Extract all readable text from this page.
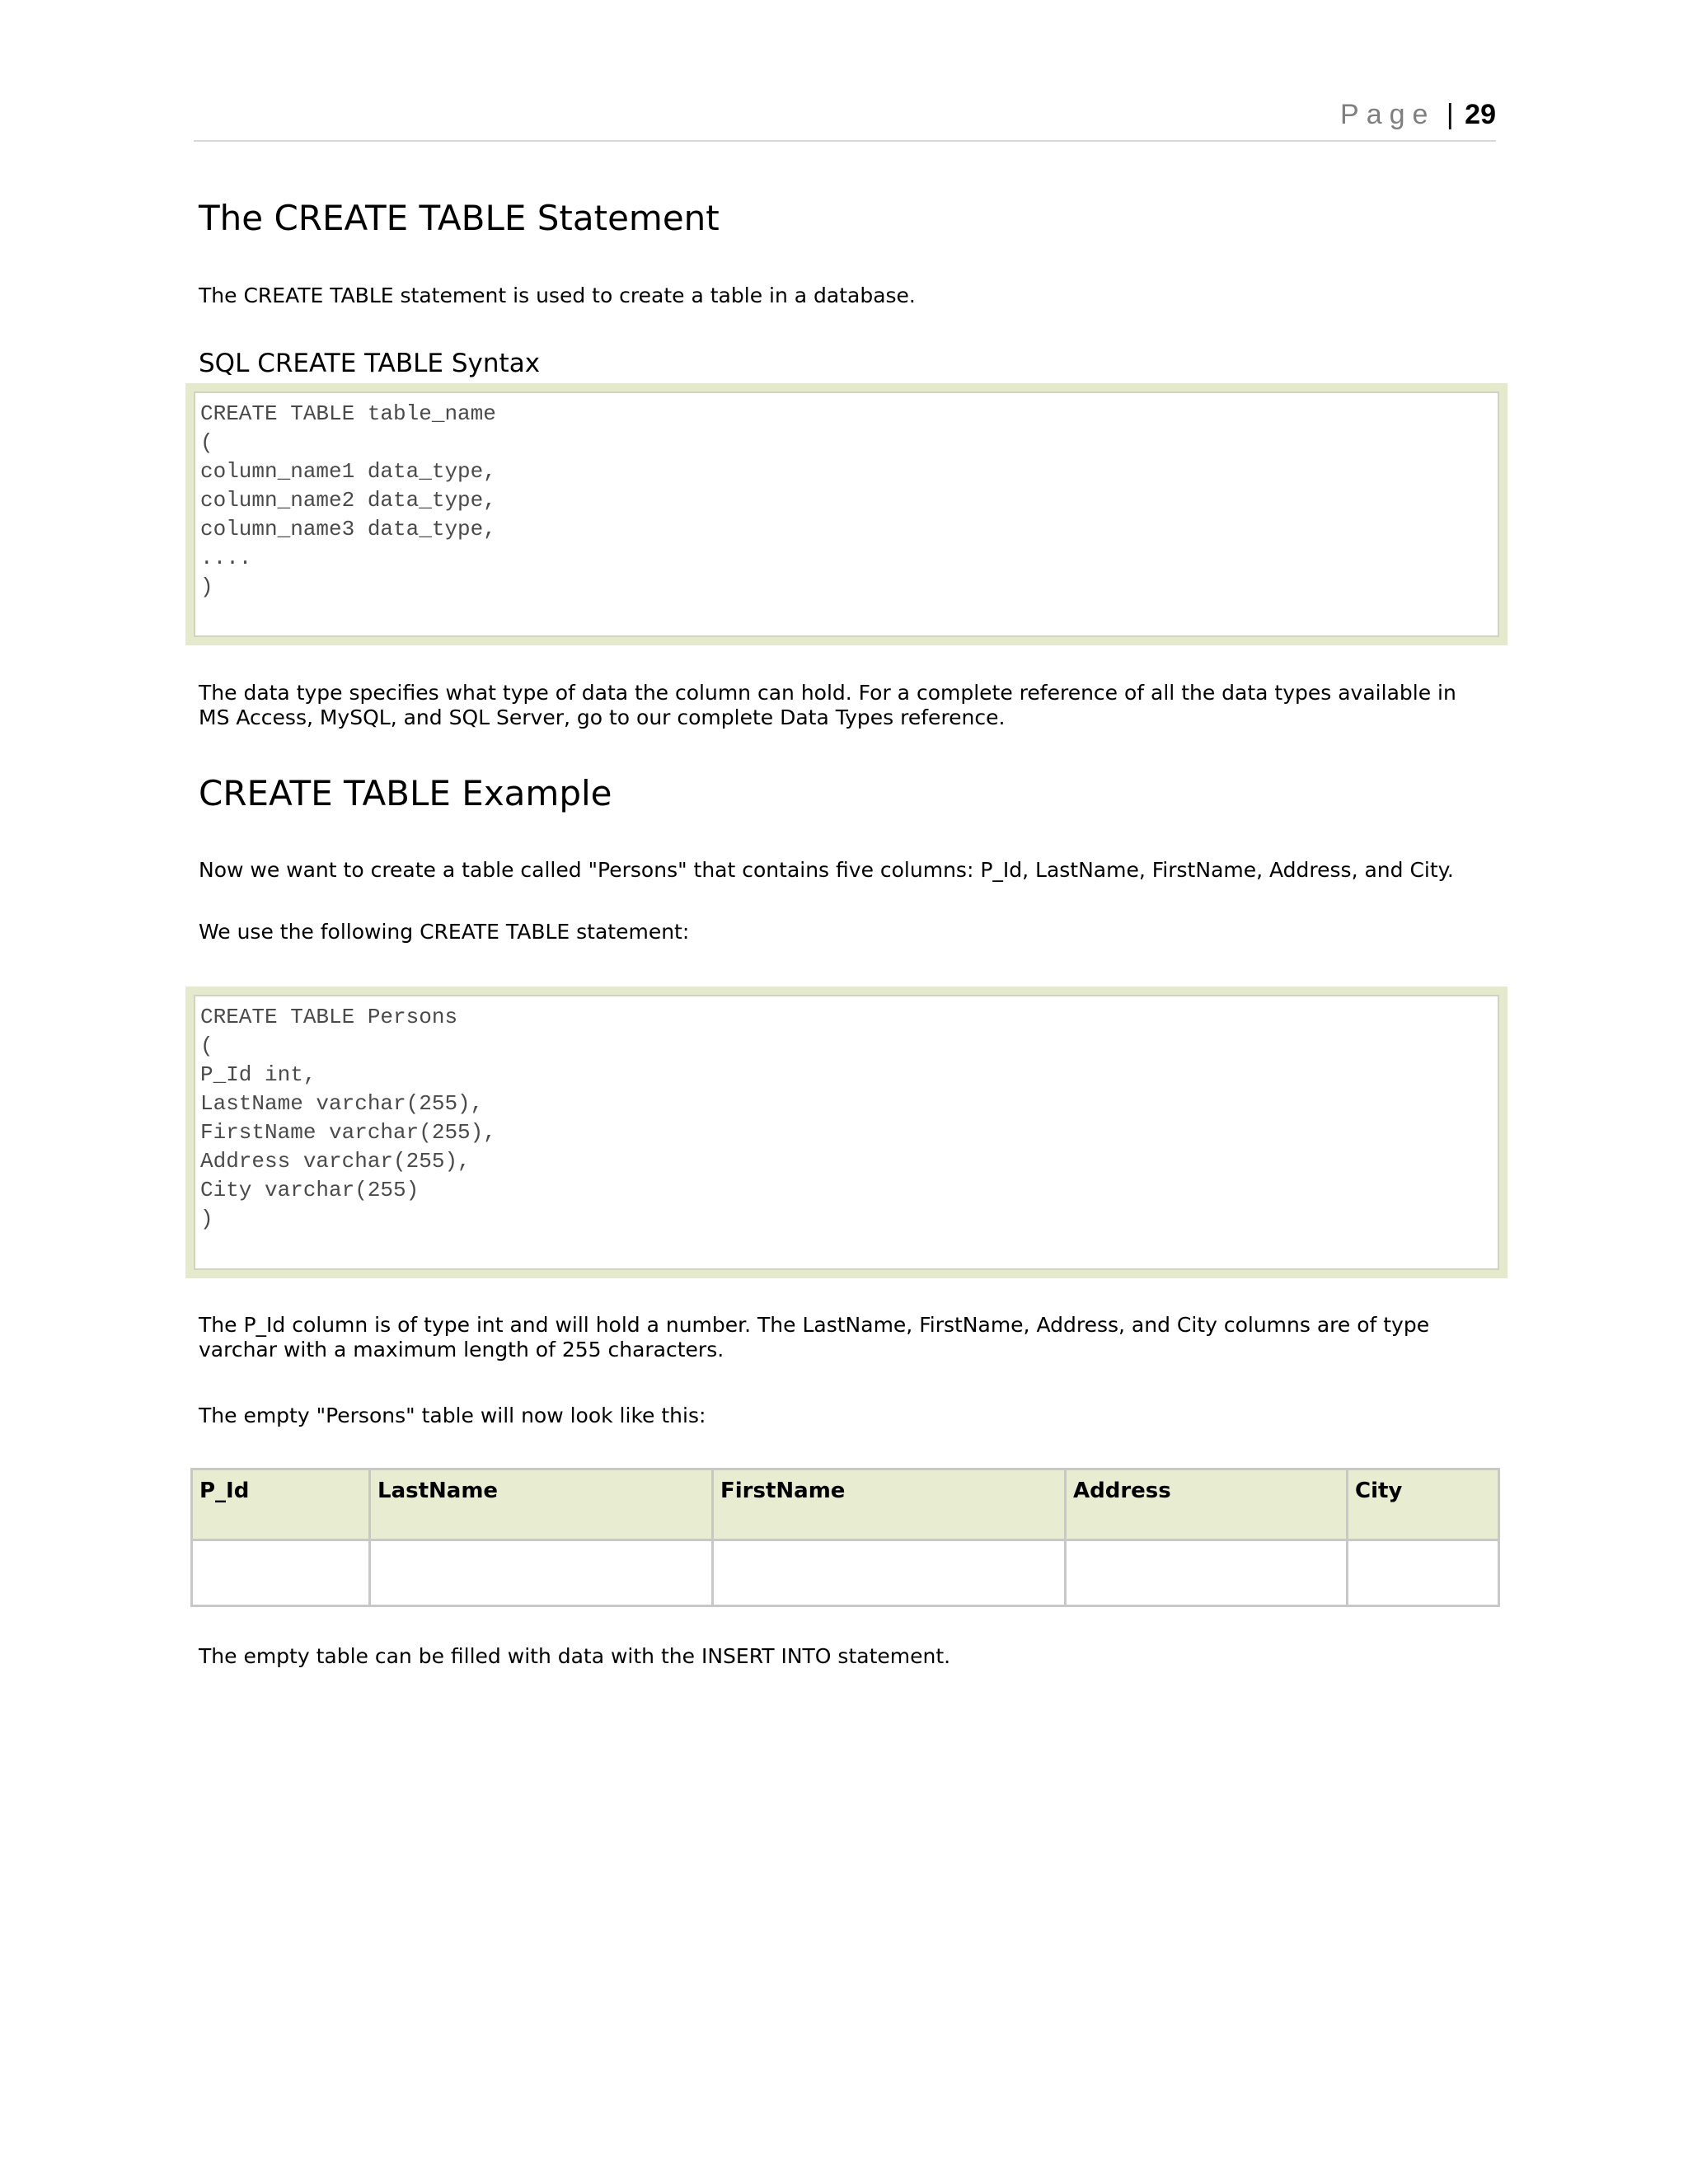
Page | 29
The CREATE TABLE Statement

The CREATE TABLE statement is used to create a table in a database.

SQL CREATE TABLE Syntax
CREATE TABLE table_name
(
column_name1 data_type,
column_name2 data_type,
column_name3 data_type,
....
)

The data type specifies what type of data the column can hold. For a complete reference of all the data types available in MS Access, MySQL, and SQL Server, go to our complete Data Types reference.

CREATE TABLE Example

Now we want to create a table called "Persons" that contains five columns: P_Id, LastName, FirstName, Address, and City.

We use the following CREATE TABLE statement:

CREATE TABLE Persons
(
P_Id int,
LastName varchar(255),
FirstName varchar(255),
Address varchar(255),
City varchar(255)
)

The P_Id column is of type int and will hold a number. The LastName, FirstName, Address, and City columns are of type varchar with a maximum length of 255 characters.

The empty "Persons" table will now look like this:

P_Id	LastName	FirstName	Address	City

The empty table can be filled with data with the INSERT INTO statement.
